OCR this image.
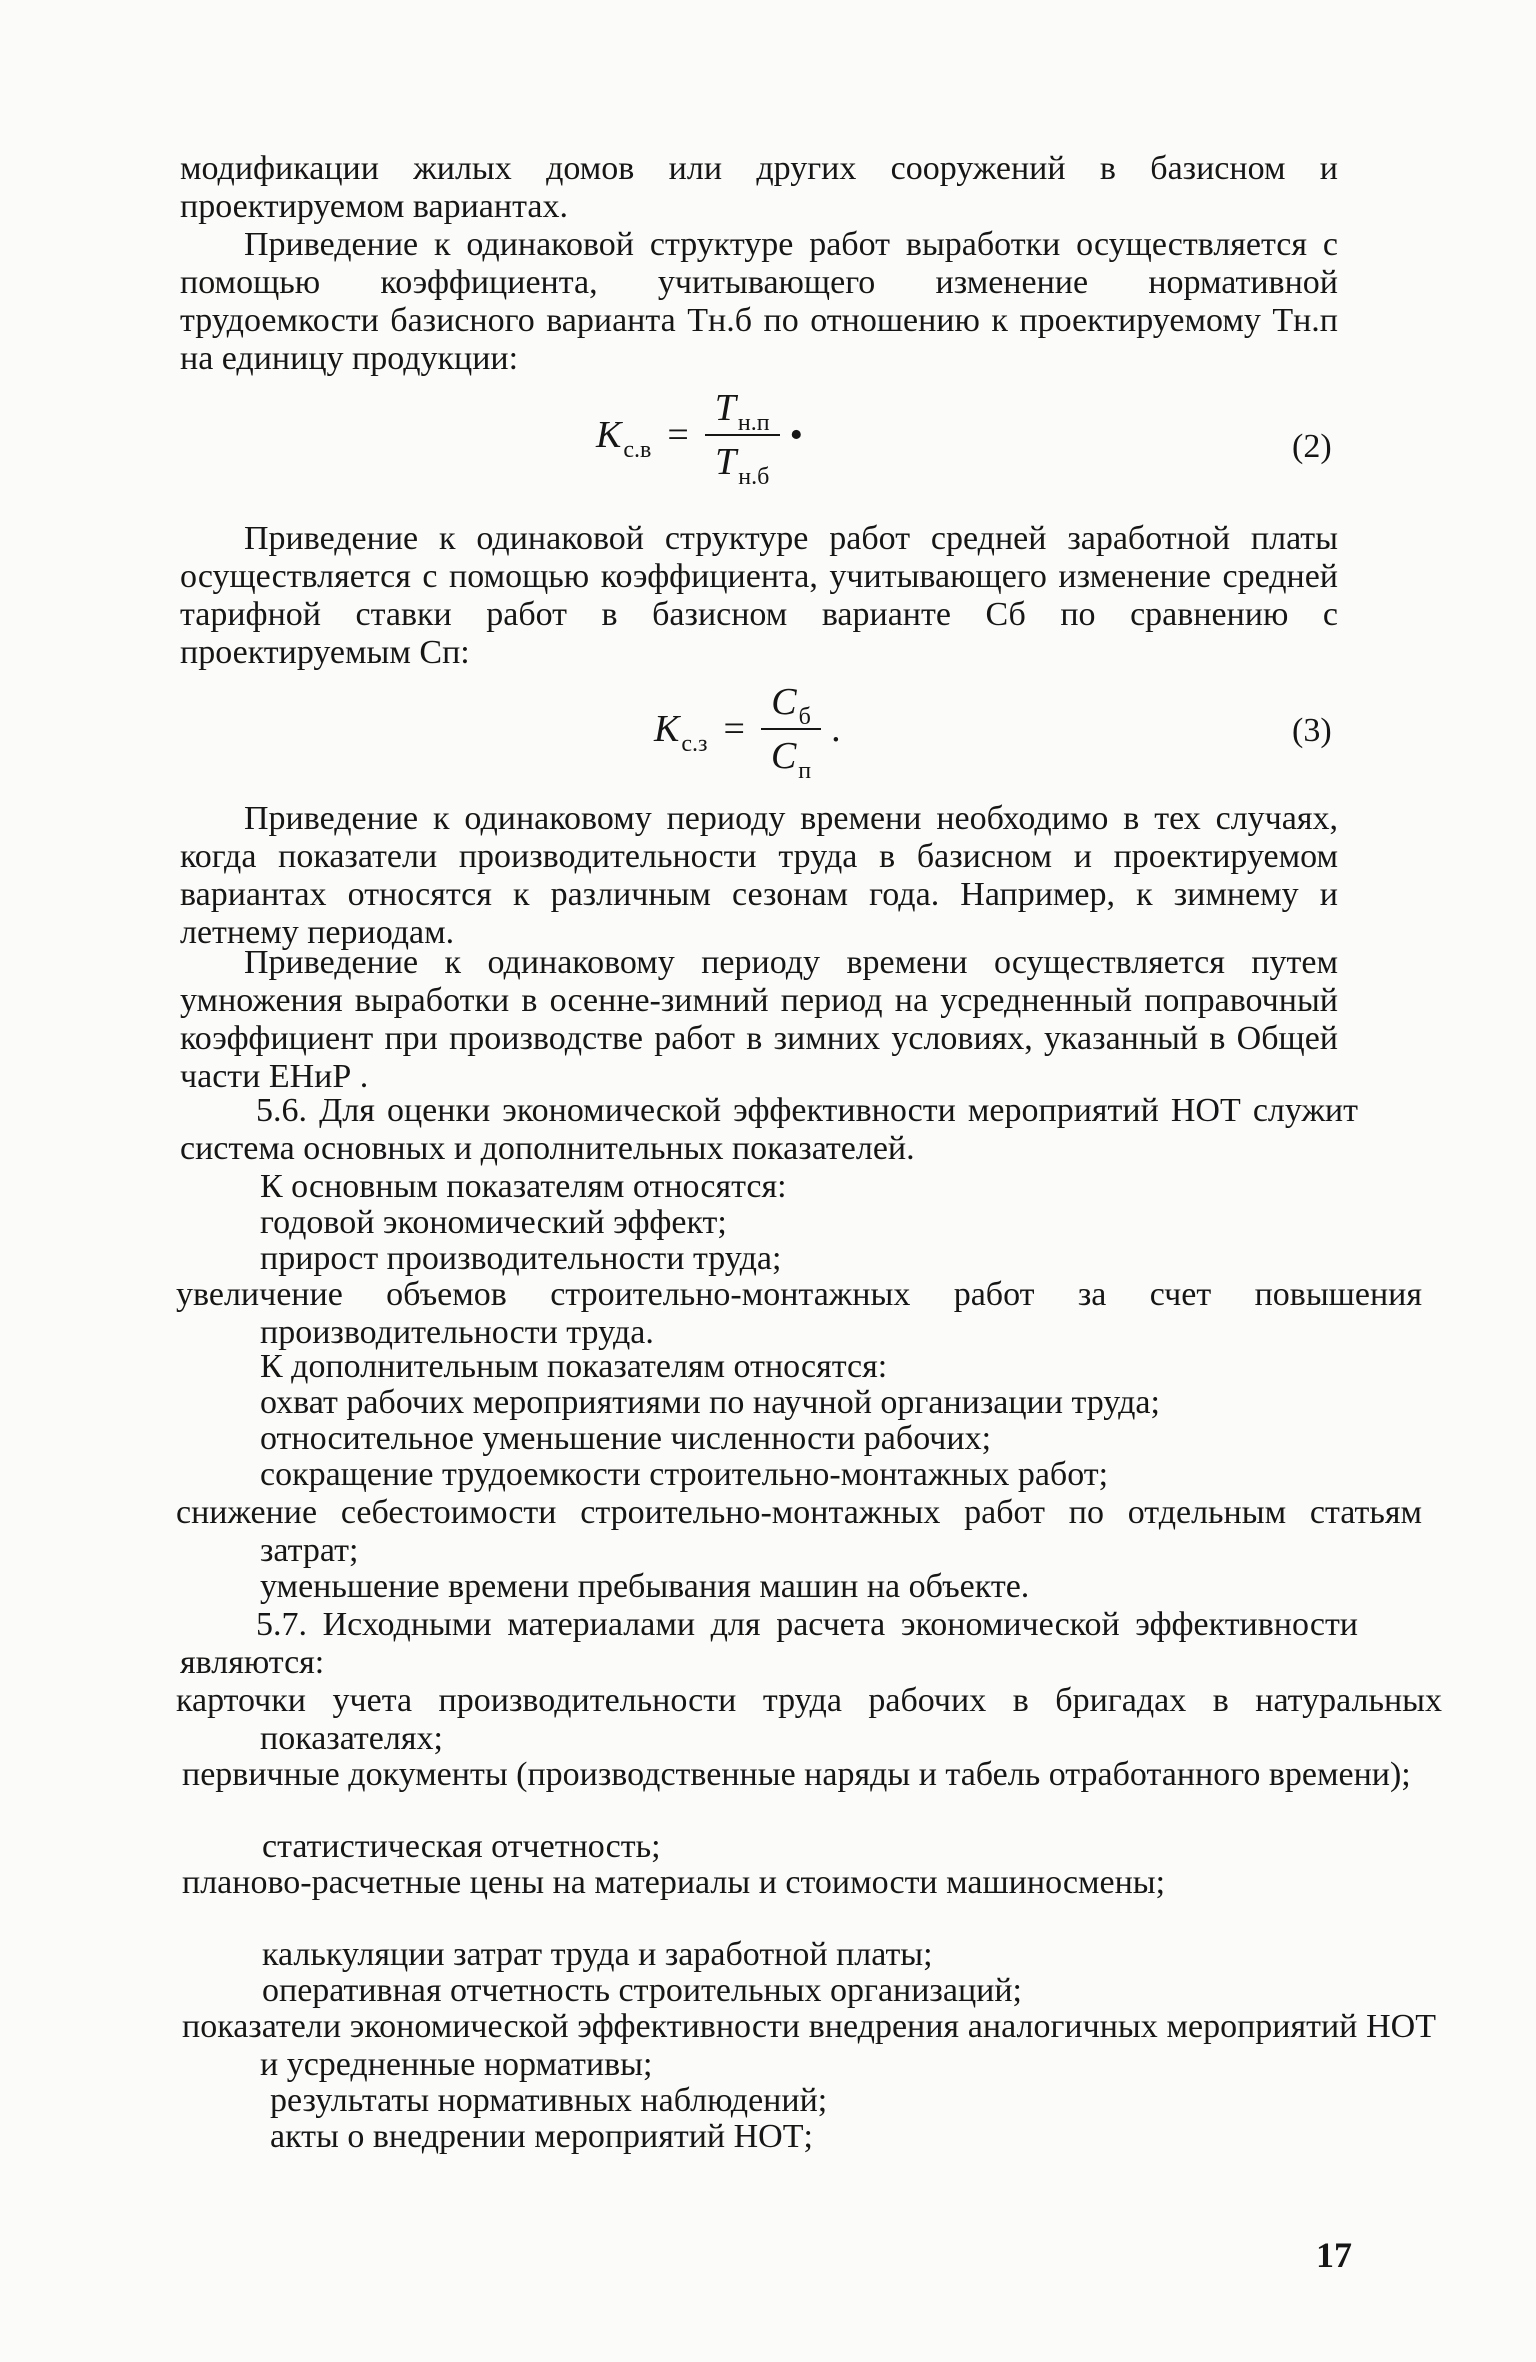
модификации жилых домов или других сооружений в базисном и проектируемом вариантах.

Приведение к одинаковой структуре работ выработки осуществляется с помощью коэффициента, учитывающего изменение нормативной трудоемкости базисного варианта Тн.б по отношению к проектируемому Тн.п на единицу продукции:

K $с.в = \frac{\text{T н.п}}{\text{T н.б}}$ •	(2)

Приведение к одинаковой структуре работ средней заработной платы осуществляется с помощью коэффициента, учитывающего изменение средней тарифной ставки работ в базисном варианте Сб по сравнению с проектируемым Сп:

K $с.з = \frac{\text{C б}}{\text{C п}}$ .	(3)

Приведение к одинаковому периоду времени необходимо в тех случаях, когда показатели производительности труда в базисном и проектируемом вариантах относятся к различным сезонам года. Например, к зимнему и летнему периодам.

Приведение к одинаковому периоду времени осуществляется путем умножения выработки в осенне-зимний период на усредненный поправочный коэффициент при производстве работ в зимних условиях, указанный в Общей части ЕНиР .

5.6. Для оценки экономической эффективности мероприятий НОТ служит система основных и дополнительных показателей.

К основным показателям относятся:

годовой экономический эффект;

прирост производительности труда;

увеличение объемов строительно-монтажных работ за счет повышения производительности труда.

К дополнительным показателям относятся:

охват рабочих мероприятиями по научной организации труда;

относительное уменьшение численности рабочих;

сокращение трудоемкости строительно-монтажных работ;

снижение себестоимости строительно-монтажных работ по отдельным статьям затрат;

уменьшение времени пребывания машин на объекте.

5.7. Исходными материалами для расчета экономической эффективности являются:

карточки учета производительности труда рабочих в бригадах в натуральных показателях;

первичные документы (производственные наряды и табель отработанного времени);

статистическая отчетность;

планово-расчетные цены на материалы и стоимости машиносмены;

калькуляции затрат труда и заработной платы;

оперативная отчетность строительных организаций;

показатели экономической эффективности внедрения аналогичных мероприятий НОТ и усредненные нормативы;

результаты нормативных наблюдений;

акты о внедрении мероприятий НОТ;

17
